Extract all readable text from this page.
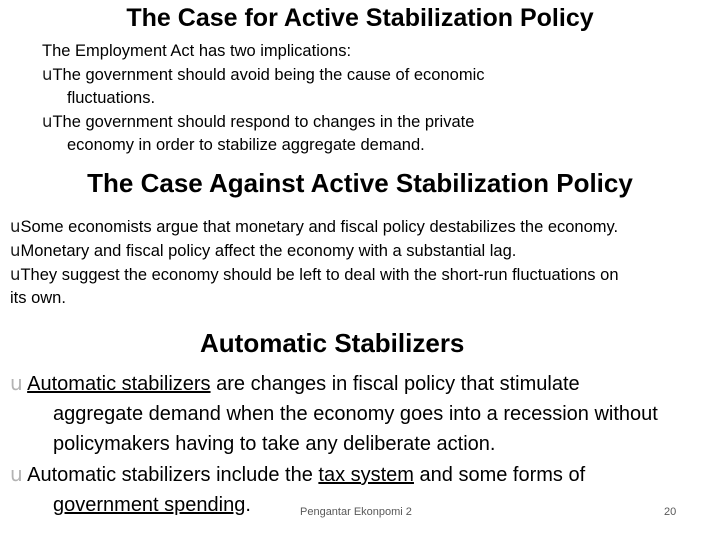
The Case for Active Stabilization Policy
The Employment Act has two implications:
uThe government should avoid being the cause of economic
fluctuations.
uThe government should respond to changes in the private
economy in order to stabilize aggregate demand.
The Case Against Active Stabilization Policy
uSome economists argue that monetary and fiscal policy destabilizes the economy.
uMonetary and fiscal policy affect the economy with a substantial lag.
uThey suggest the economy should be left to deal with the short-run fluctuations on
its own.
Automatic Stabilizers
u Automatic stabilizers are changes in fiscal policy that stimulate
aggregate demand when the economy goes into a recession without
policymakers having to take any deliberate action.
u Automatic stabilizers include the tax system and some forms of
government spending.	Pengantar Ekonpomi 2	20
